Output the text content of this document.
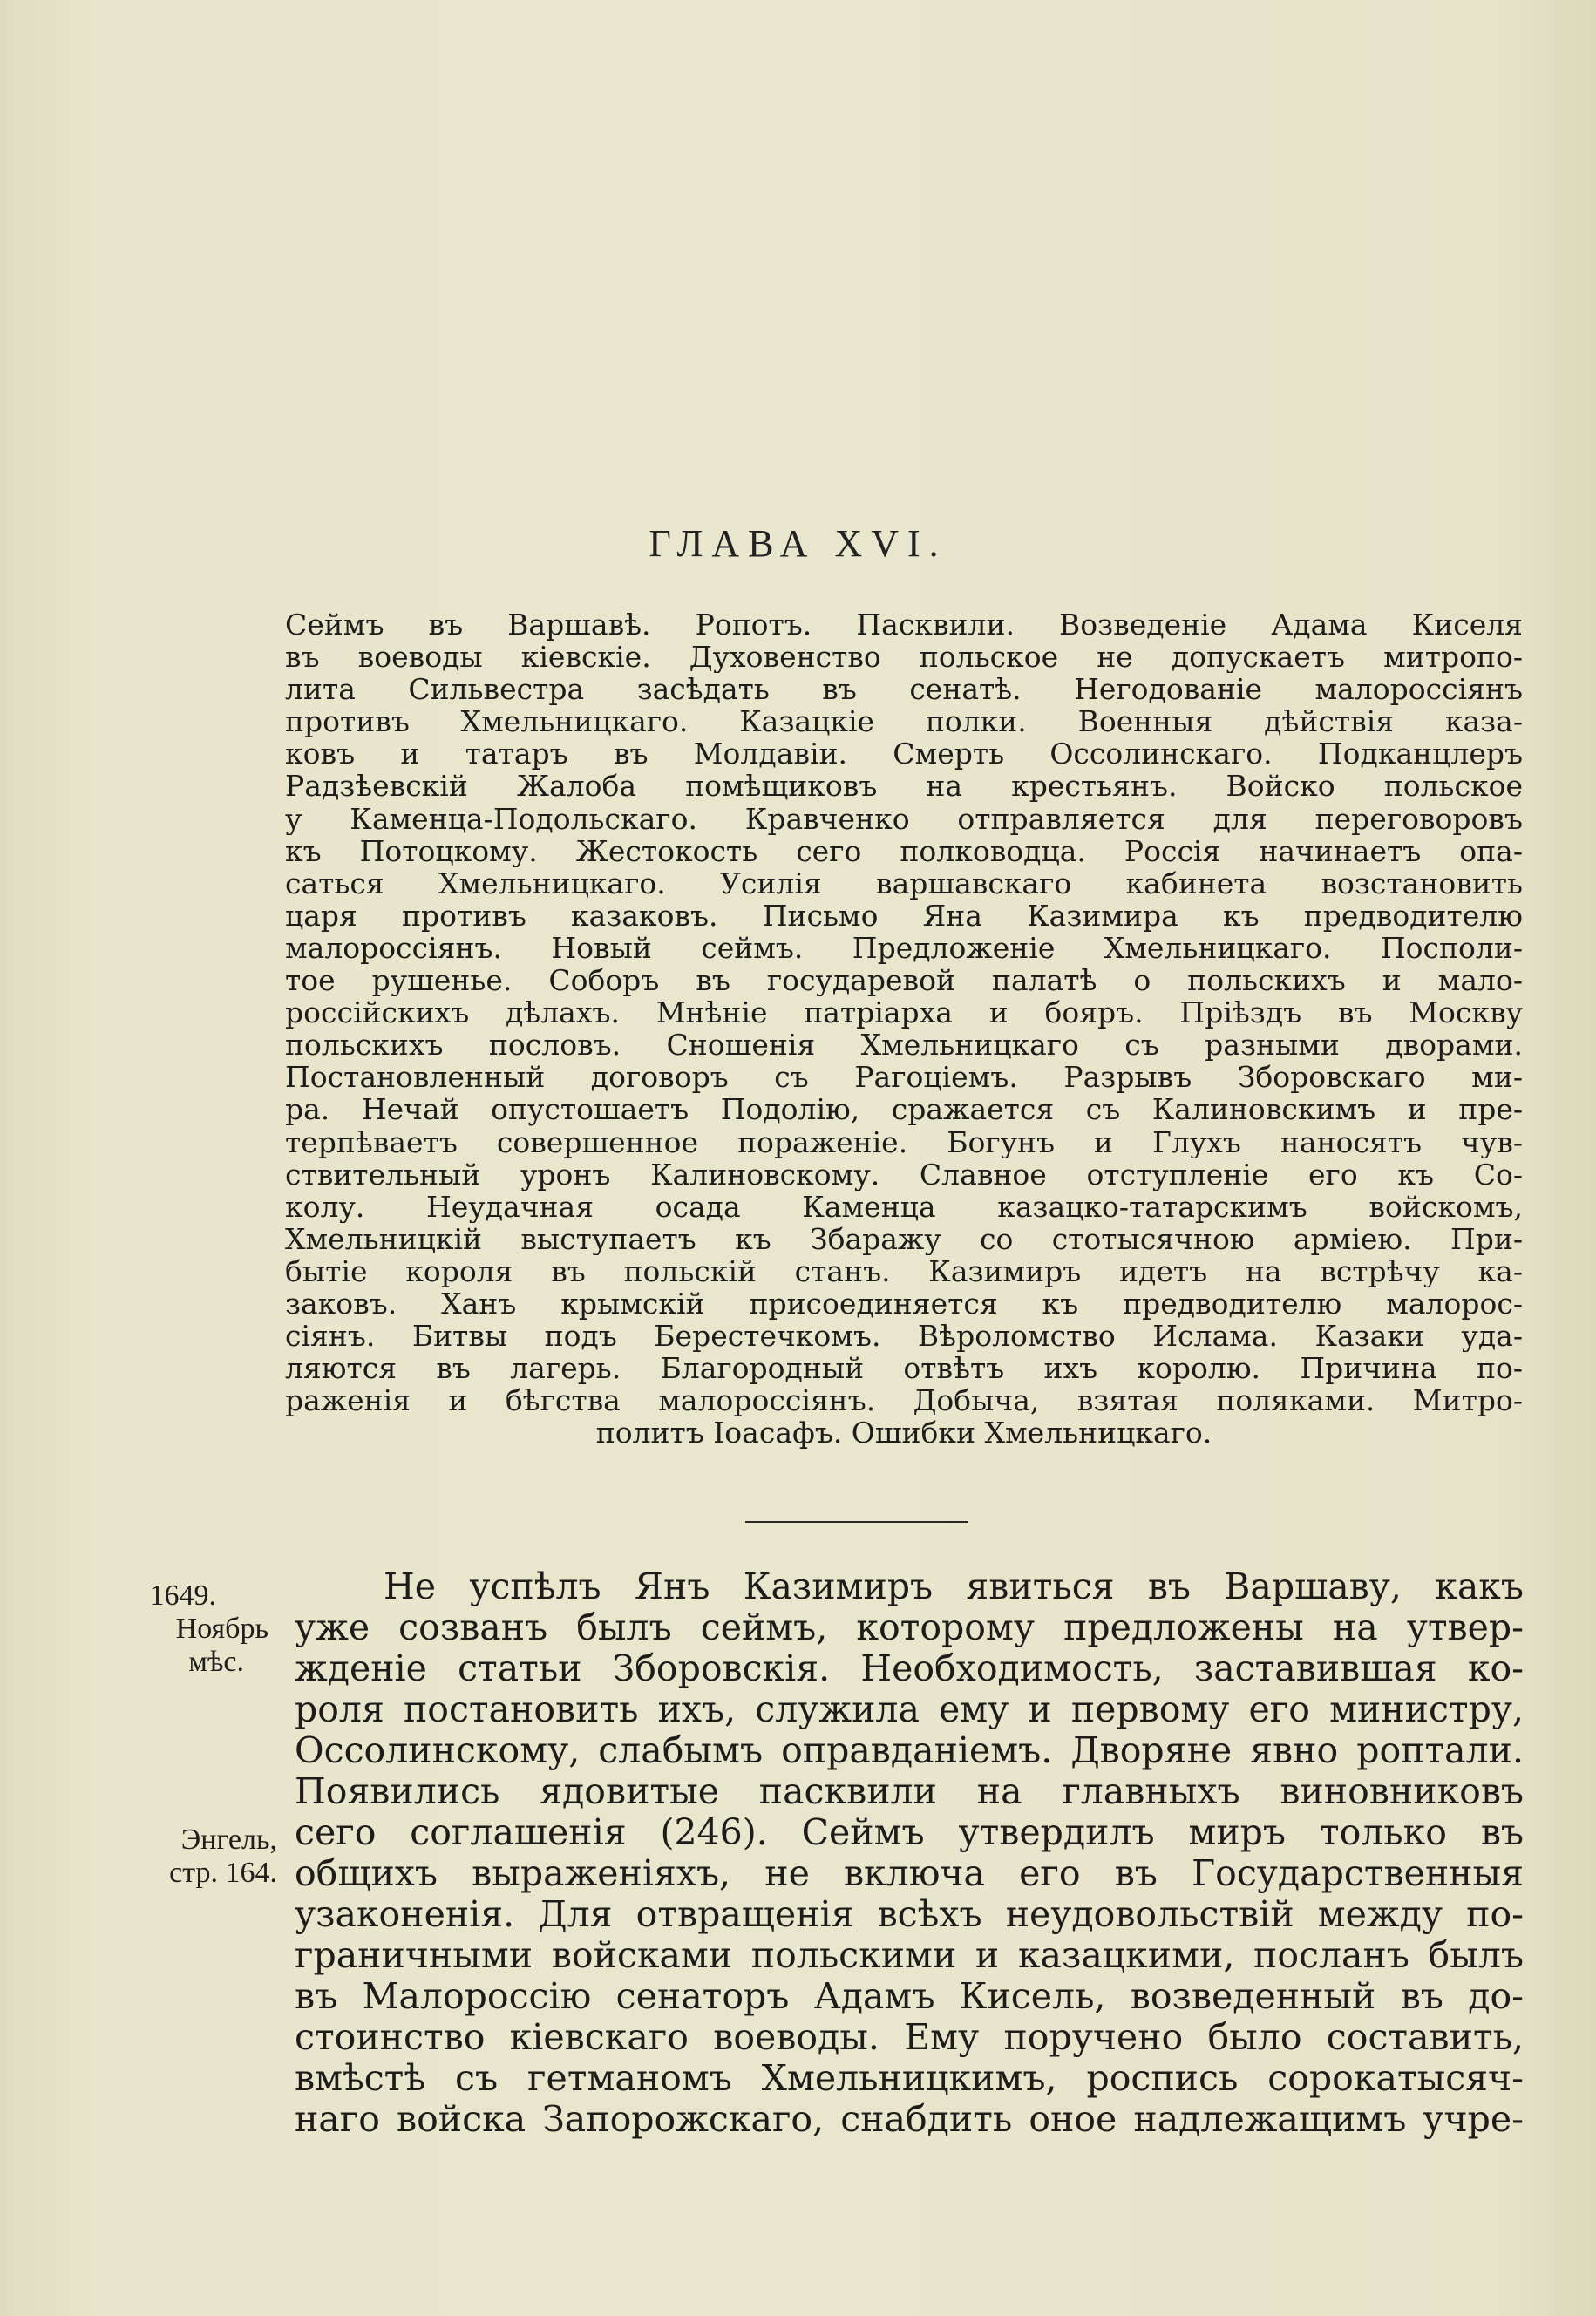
ГЛАВА XVI.
Сеймъ въ Варшавѣ. Ропотъ. Пасквили. Возведеніе Адама Киселя
въ воеводы кіевскіе. Духовенство польское не допускаетъ митропо-
лита Сильвестра засѣдать въ сенатѣ. Негодованіе малороссіянъ
противъ Хмельницкаго. Казацкіе полки. Военныя дѣйствія каза-
ковъ и татаръ въ Молдавіи. Смерть Оссолинскаго. Подканцлеръ
Радзѣевскій Жалоба помѣщиковъ на крестьянъ. Войско польское
у Каменца-Подольскаго. Кравченко отправляется для переговоровъ
къ Потоцкому. Жестокость сего полководца. Россія начинаетъ опа-
саться Хмельницкаго. Усилія варшавскаго кабинета возстановить
царя противъ казаковъ. Письмо Яна Казимира къ предводителю
малороссіянъ. Новый сеймъ. Предложеніе Хмельницкаго. Посполи-
тое рушенье. Соборъ въ государевой палатѣ о польскихъ и мало-
россійскихъ дѣлахъ. Мнѣніе патріарха и бояръ. Пріѣздъ въ Москву
польскихъ пословъ. Сношенія Хмельницкаго съ разными дворами.
Постановленный договоръ съ Рагоціемъ. Разрывъ Зборовскаго ми-
ра. Нечай опустошаетъ Подолію, сражается съ Калиновскимъ и пре-
терпѣваетъ совершенное пораженіе. Богунъ и Глухъ наносятъ чув-
ствительный уронъ Калиновскому. Славное отступленіе его къ Со-
колу. Неудачная осада Каменца казацко-татарскимъ войскомъ,
Хмельницкій выступаетъ къ Збаражу со стотысячною арміею. При-
бытіе короля въ польскій станъ. Казимиръ идетъ на встрѣчу ка-
заковъ. Ханъ крымскій присоединяется къ предводителю малорос-
сіянъ. Битвы подъ Берестечкомъ. Вѣроломство Ислама. Казаки уда-
ляются въ лагерь. Благородный отвѣтъ ихъ королю. Причина по-
раженія и бѣгства малороссіянъ. Добыча, взятая поляками. Митро-
политъ Іоасафъ. Ошибки Хмельницкаго.
1649.
Ноябрь
мѣс.
Энгель,
стр. 164.
Не успѣлъ Янъ Казимиръ явиться въ Варшаву, какъ
уже созванъ былъ сеймъ, которому предложены на утвер-
жденіе статьи Зборовскія. Необходимость, заставившая ко-
роля постановить ихъ, служила ему и первому его министру,
Оссолинскому, слабымъ оправданіемъ. Дворяне явно роптали.
Появились ядовитые пасквили на главныхъ виновниковъ
сего соглашенія (246). Сеймъ утвердилъ миръ только въ
общихъ выраженіяхъ, не включа его въ Государственныя
узаконенія. Для отвращенія всѣхъ неудовольствій между по-
граничными войсками польскими и казацкими, посланъ былъ
въ Малороссію сенаторъ Адамъ Кисель, возведенный въ до-
стоинство кіевскаго воеводы. Ему поручено было составить,
вмѣстѣ съ гетманомъ Хмельницкимъ, роспись сорокатысяч-
наго войска Запорожскаго, снабдить оное надлежащимъ учре-
